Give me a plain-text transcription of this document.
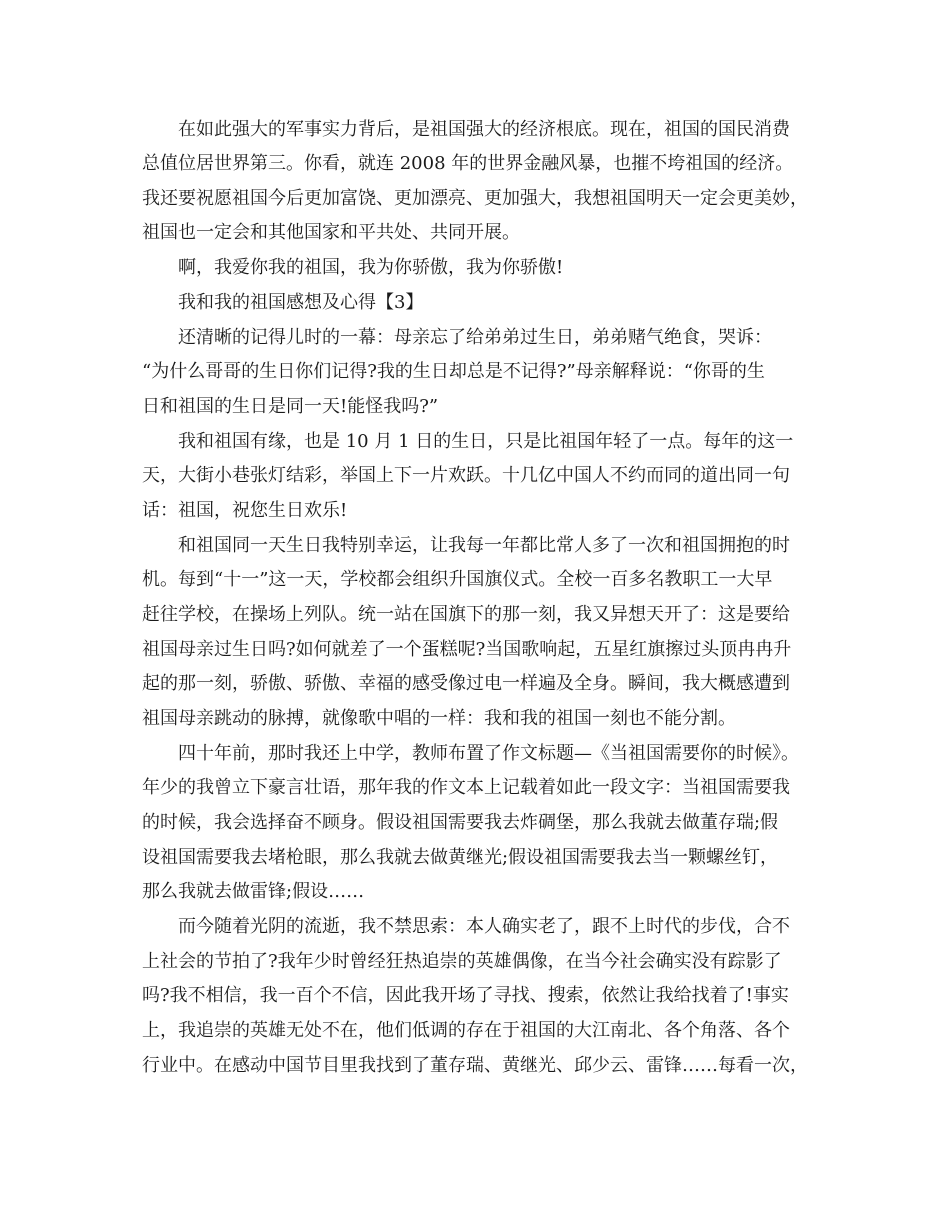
在如此强大的军事实力背后，是祖国强大的经济根底。现在，祖国的国民消费
总值位居世界第三。你看，就连 2008 年的世界金融风暴，也摧不垮祖国的经济。
我还要祝愿祖国今后更加富饶、更加漂亮、更加强大，我想祖国明天一定会更美妙，
祖国也一定会和其他国家和平共处、共同开展。
啊，我爱你我的祖国，我为你骄傲，我为你骄傲!
我和我的祖国感想及心得【3】
还清晰的记得儿时的一幕：母亲忘了给弟弟过生日，弟弟赌气绝食，哭诉：
“为什么哥哥的生日你们记得?我的生日却总是不记得?”母亲解释说：“你哥的生
日和祖国的生日是同一天!能怪我吗?”
我和祖国有缘，也是 10 月 1 日的生日，只是比祖国年轻了一点。每年的这一
天，大街小巷张灯结彩，举国上下一片欢跃。十几亿中国人不约而同的道出同一句
话：祖国，祝您生日欢乐!
和祖国同一天生日我特别幸运，让我每一年都比常人多了一次和祖国拥抱的时
机。每到“十一”这一天，学校都会组织升国旗仪式。全校一百多名教职工一大早
赶往学校，在操场上列队。统一站在国旗下的那一刻，我又异想天开了：这是要给
祖国母亲过生日吗?如何就差了一个蛋糕呢?当国歌响起，五星红旗擦过头顶冉冉升
起的那一刻，骄傲、骄傲、幸福的感受像过电一样遍及全身。瞬间，我大概感遭到
祖国母亲跳动的脉搏，就像歌中唱的一样：我和我的祖国一刻也不能分割。
四十年前，那时我还上中学，教师布置了作文标题—《当祖国需要你的时候》。
年少的我曾立下豪言壮语，那年我的作文本上记载着如此一段文字：当祖国需要我
的时候，我会选择奋不顾身。假设祖国需要我去炸碉堡，那么我就去做董存瑞;假
设祖国需要我去堵枪眼，那么我就去做黄继光;假设祖国需要我去当一颗螺丝钉，
那么我就去做雷锋;假设……
而今随着光阴的流逝，我不禁思索：本人确实老了，跟不上时代的步伐，合不
上社会的节拍了?我年少时曾经狂热追崇的英雄偶像，在当今社会确实没有踪影了
吗?我不相信，我一百个不信，因此我开场了寻找、搜索，依然让我给找着了!事实
上，我追崇的英雄无处不在，他们低调的存在于祖国的大江南北、各个角落、各个
行业中。在感动中国节目里我找到了董存瑞、黄继光、邱少云、雷锋……每看一次，
